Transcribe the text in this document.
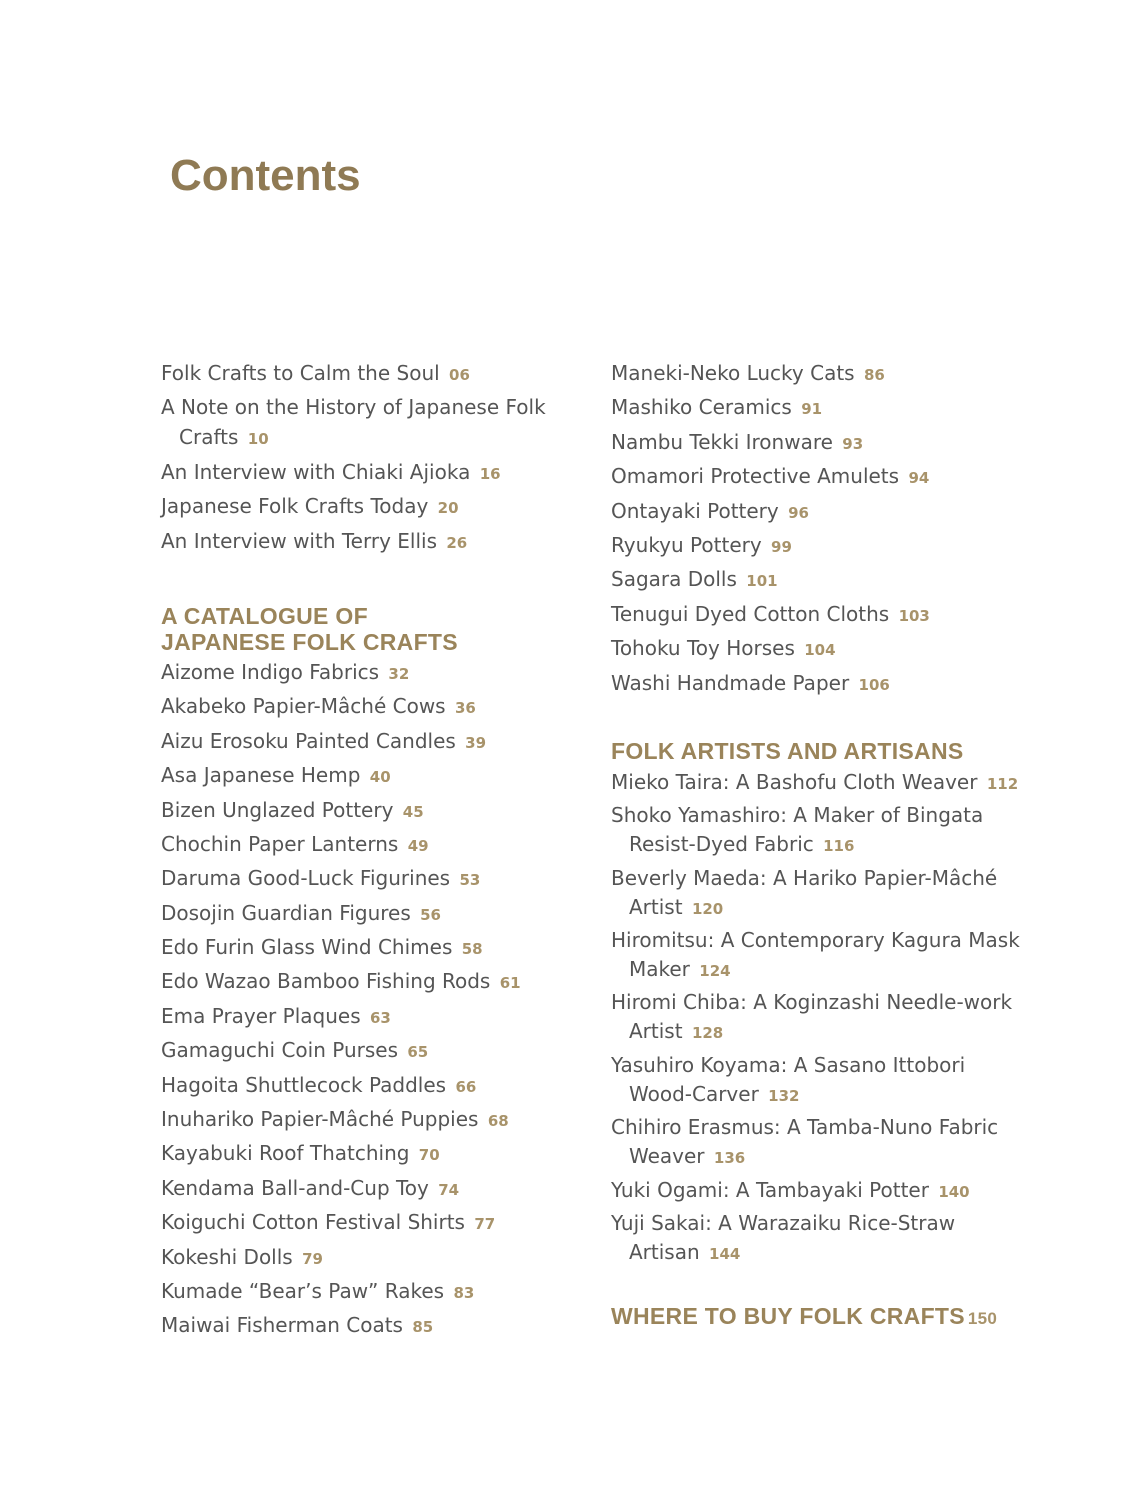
Contents
Folk Crafts to Calm the Soul 06
A Note on the History of Japanese Folk Crafts 10
An Interview with Chiaki Ajioka 16
Japanese Folk Crafts Today 20
An Interview with Terry Ellis 26
A CATALOGUE OF JAPANESE FOLK CRAFTS
Aizome Indigo Fabrics 32
Akabeko Papier-Mâché Cows 36
Aizu Erosoku Painted Candles 39
Asa Japanese Hemp 40
Bizen Unglazed Pottery 45
Chochin Paper Lanterns 49
Daruma Good-Luck Figurines 53
Dosojin Guardian Figures 56
Edo Furin Glass Wind Chimes 58
Edo Wazao Bamboo Fishing Rods 61
Ema Prayer Plaques 63
Gamaguchi Coin Purses 65
Hagoita Shuttlecock Paddles 66
Inuhariko Papier-Mâché Puppies 68
Kayabuki Roof Thatching 70
Kendama Ball-and-Cup Toy 74
Koiguchi Cotton Festival Shirts 77
Kokeshi Dolls 79
Kumade “Bear’s Paw” Rakes 83
Maiwai Fisherman Coats 85
Maneki-Neko Lucky Cats 86
Mashiko Ceramics 91
Nambu Tekki Ironware 93
Omamori Protective Amulets 94
Ontayaki Pottery 96
Ryukyu Pottery 99
Sagara Dolls 101
Tenugui Dyed Cotton Cloths 103
Tohoku Toy Horses 104
Washi Handmade Paper 106
FOLK ARTISTS AND ARTISANS
Mieko Taira: A Bashofu Cloth Weaver 112
Shoko Yamashiro: A Maker of Bingata Resist-Dyed Fabric 116
Beverly Maeda: A Hariko Papier-Mâché Artist 120
Hiromitsu: A Contemporary Kagura Mask Maker 124
Hiromi Chiba: A Koginzashi Needle-work Artist 128
Yasuhiro Koyama: A Sasano Ittobori Wood-Carver 132
Chihiro Erasmus: A Tamba-Nuno Fabric Weaver 136
Yuki Ogami: A Tambayaki Potter 140
Yuji Sakai: A Warazaiku Rice-Straw Artisan 144
WHERE TO BUY FOLK CRAFTS 150
